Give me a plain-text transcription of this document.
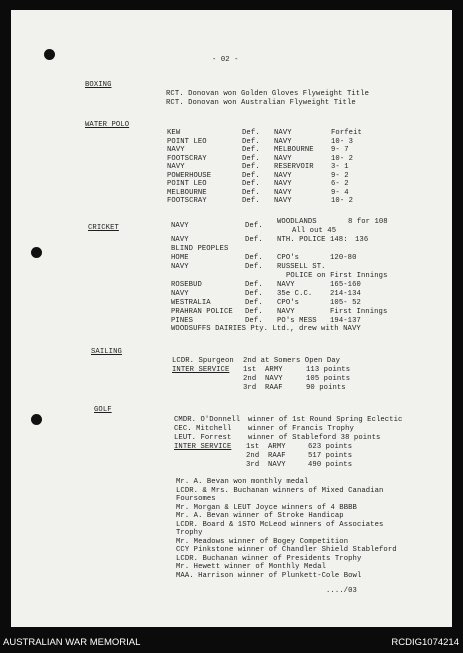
- 02 -
BOXING
RCT. Donovan won Golden Gloves Flyweight Title
RCT. Donovan won Australian Flyweight Title
WATER POLO
KEW	Def. NAVY	Forfeit
POINT LEO	Def. NAVY	10- 3
NAVY	Def. MELBOURNE 9- 7
FOOTSCRAY	Def. NAVY	10- 2
NAVY	Def. RESERVOIR 3- 1
POWERHOUSE	Def. NAVY	9- 2
POINT LEO	Def. NAVY	6- 2
MELBOURNE	Def. NAVY	9- 4
FOOTSCRAY	Def. NAVY	10- 2
CRICKET	NAVY	Def. WOODLANDS	8 for 108
All out 45
NAVY	Def. NTH. POLICE 148: 136
BLIND PEOPLES
HOME	Def. CPO's	120-80
NAVY	Def. RUSSELL ST.
POLICE on First Innings
ROSEBUD	Def. NAVY	165-160
NAVY	Def. 35e C.C. 214-134
WESTRALIA	Def. CPO's	105- 52
PRAHRAN POLICE Def. NAVY	First Innings
PINES	Def. PO's MESS 194-137
WOODSUFFS DAIRIES Pty. Ltd., drew with NAVY
SAILING
LCDR. Spurgeon 2nd at Somers Open Day
INTER SERVICE 1st ARMY	113 points
2nd NAVY	105 points
3rd RAAF	90 points
GOLF
CMDR. O'Donnell winner of 1st Round Spring Eclectic
CEC. Mitchell winner of Francis Trophy
LEUT. Forrest winner of Stableford 38 points
INTER SERVICE 1st ARMY	623 points
2nd RAAF	517 points
3rd NAVY	490 points
Mr. A. Bevan won monthly medal
LCDR. & Mrs. Buchanan winners of Mixed Canadian
Foursomes
Mr. Morgan & LEUT Joyce winners of 4 BBBB
Mr. A. Bevan winner of Stroke Handicap
LCDR. Board & 1STO McLeod winners of Associates
Trophy
Mr. Meadows winner of Bogey Competition
CCY Pinkstone winner of Chandler Shield Stableford
LCDR. Buchanan winner of Presidents Trophy
Mr. Hewett winner of Monthly Medal
MAA. Harrison winner of Plunkett-Cole Bowl
..../03
AUSTRALIAN WAR MEMORIAL	RCDIG1074214
